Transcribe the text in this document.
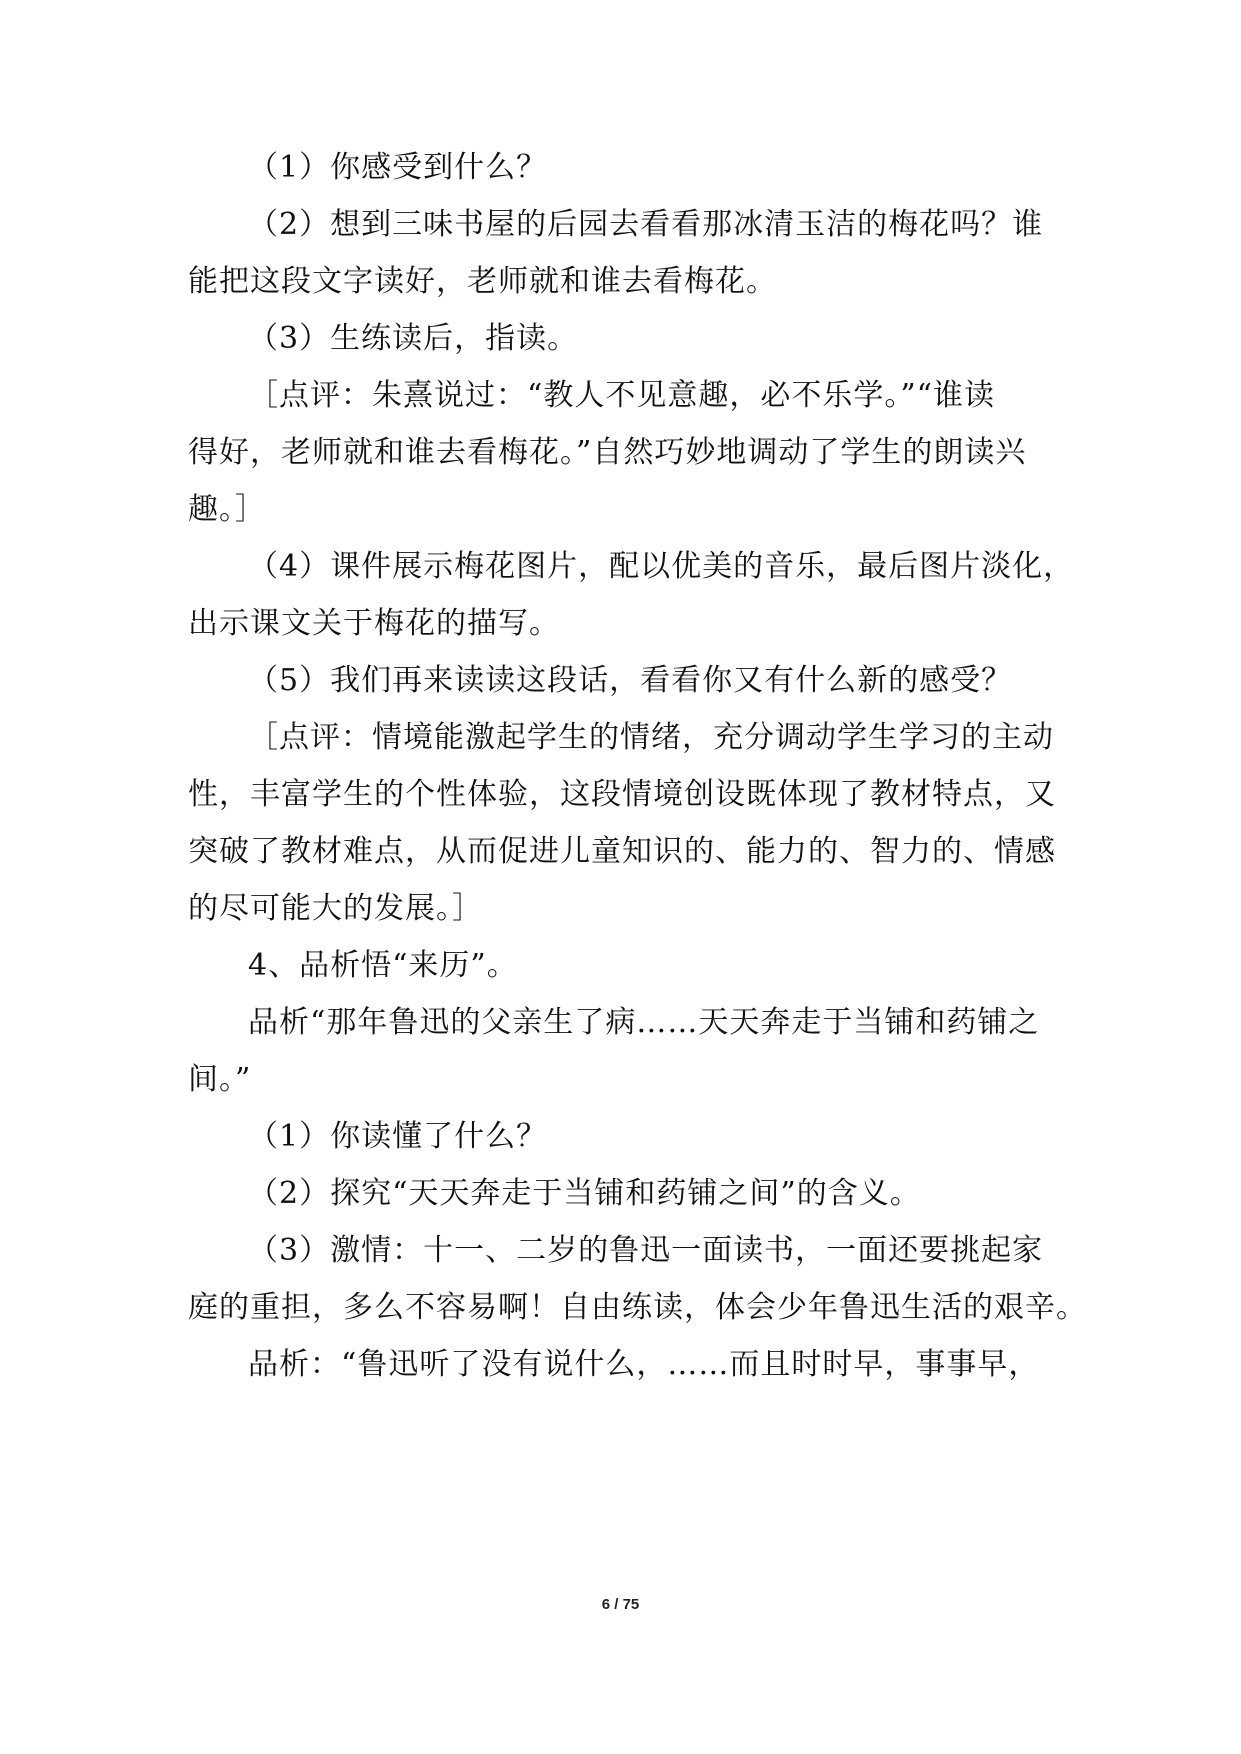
（1）你感受到什么？
（2）想到三味书屋的后园去看看那冰清玉洁的梅花吗？谁
能把这段文字读好，老师就和谁去看梅花。
（3）生练读后，指读。
［点评：朱熹说过：“教人不见意趣，必不乐学。”“谁读
得好，老师就和谁去看梅花。”自然巧妙地调动了学生的朗读兴
趣。］
（4）课件展示梅花图片，配以优美的音乐，最后图片淡化，
出示课文关于梅花的描写。
（5）我们再来读读这段话，看看你又有什么新的感受？
［点评：情境能激起学生的情绪，充分调动学生学习的主动
性，丰富学生的个性体验，这段情境创设既体现了教材特点，又
突破了教材难点，从而促进儿童知识的、能力的、智力的、情感
的尽可能大的发展。］
4、品析悟“来历”。
品析“那年鲁迅的父亲生了病……天天奔走于当铺和药铺之
间。”
（1）你读懂了什么？
（2）探究“天天奔走于当铺和药铺之间”的含义。
（3）激情：十一、二岁的鲁迅一面读书，一面还要挑起家
庭的重担，多么不容易啊！自由练读，体会少年鲁迅生活的艰辛。
品析：“鲁迅听了没有说什么，……而且时时早，事事早，
6 / 75
